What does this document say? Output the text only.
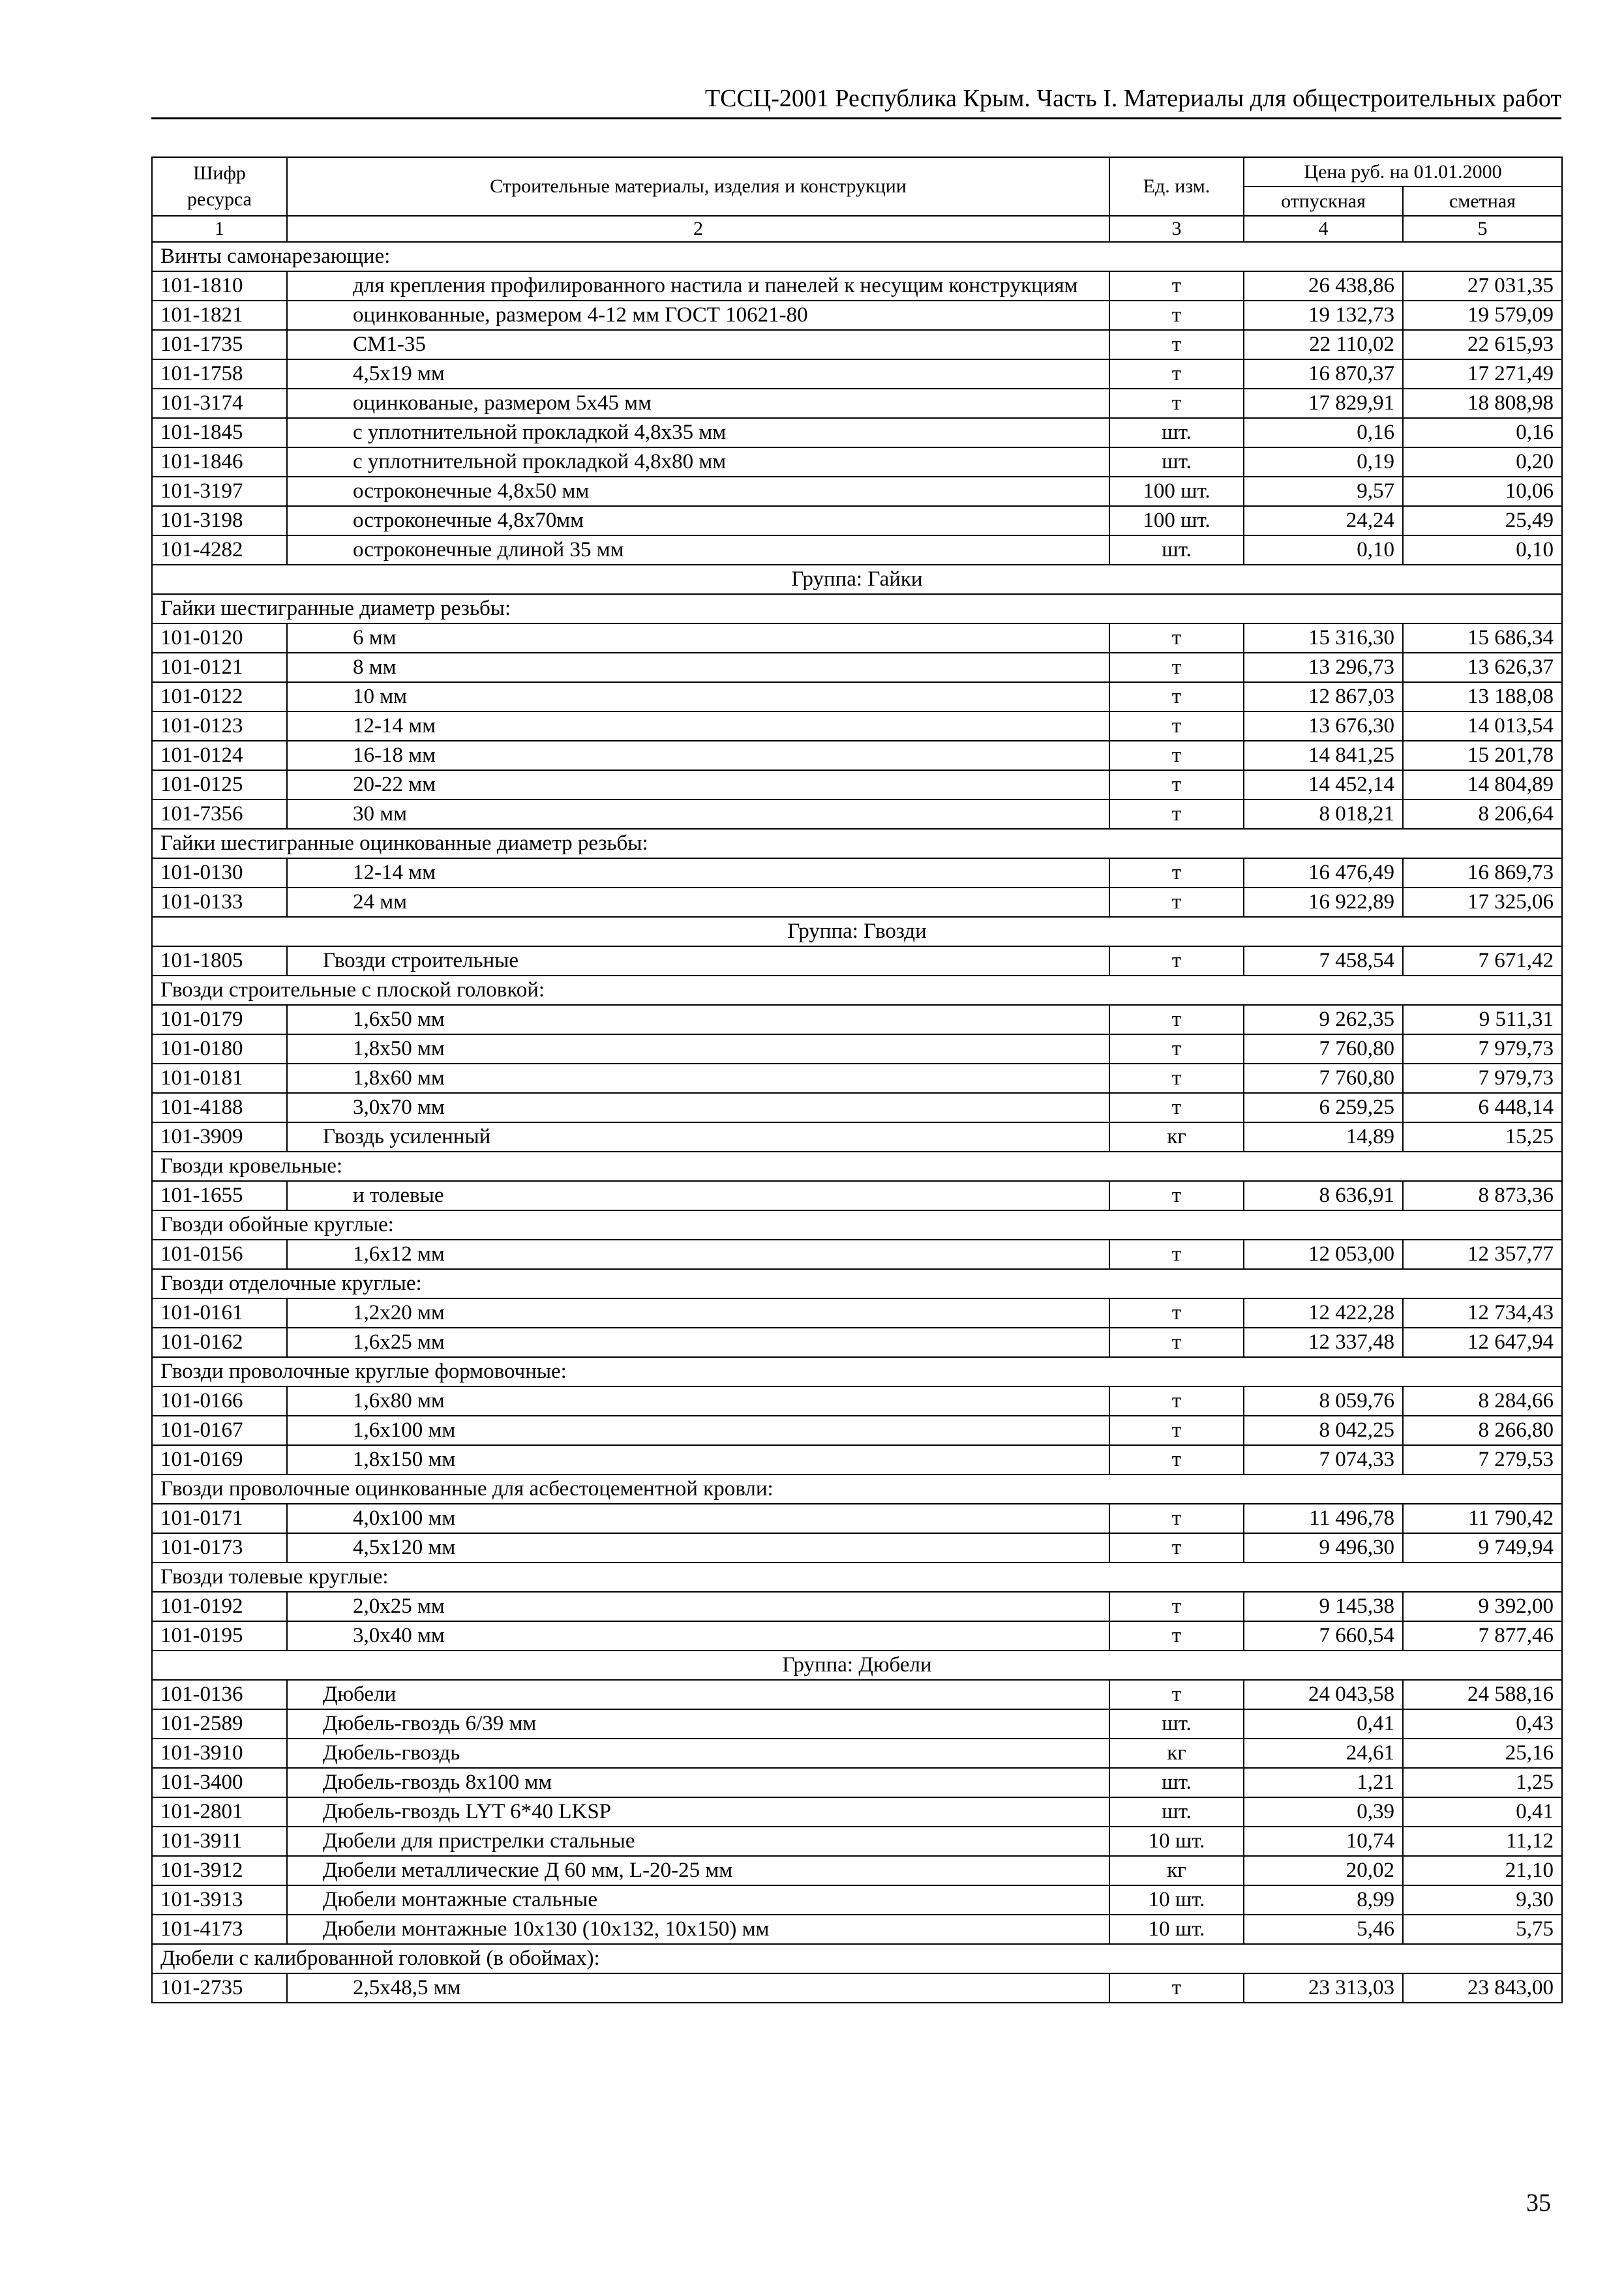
ТССЦ-2001 Республика Крым. Часть I. Материалы для общестроительных работ
Шифр ресурса	Строительные материалы, изделия и конструкции	Ед. изм.	Цена руб. на 01.01.2000	
			отпускная	сметная
1	2	3	4	5
Винты самонарезающие:				
101-1810	для крепления профилированного настила и панелей к несущим конструкциям	т	26 438,86	27 031,35
101-1821	оцинкованные, размером 4-12 мм ГОСТ 10621-80	т	19 132,73	19 579,09
101-1735	СМ1-35	т	22 110,02	22 615,93
101-1758	4,5х19 мм	т	16 870,37	17 271,49
101-3174	оцинкованые, размером 5х45 мм	т	17 829,91	18 808,98
101-1845	с уплотнительной прокладкой 4,8х35 мм	шт.	0,16	0,16
101-1846	с уплотнительной прокладкой 4,8х80 мм	шт.	0,19	0,20
101-3197	остроконечные 4,8х50 мм	100 шт.	9,57	10,06
101-3198	остроконечные 4,8х70мм	100 шт.	24,24	25,49
101-4282	остроконечные длиной 35 мм	шт.	0,10	0,10
Группа: Гайки				
Гайки шестигранные диаметр резьбы:				
101-0120	6 мм	т	15 316,30	15 686,34
101-0121	8 мм	т	13 296,73	13 626,37
101-0122	10 мм	т	12 867,03	13 188,08
101-0123	12-14 мм	т	13 676,30	14 013,54
101-0124	16-18 мм	т	14 841,25	15 201,78
101-0125	20-22 мм	т	14 452,14	14 804,89
101-7356	30 мм	т	8 018,21	8 206,64
Гайки шестигранные оцинкованные диаметр резьбы:				
101-0130	12-14 мм	т	16 476,49	16 869,73
101-0133	24 мм	т	16 922,89	17 325,06
Группа: Гвозди				
101-1805	Гвозди строительные	т	7 458,54	7 671,42
Гвозди строительные с плоской головкой:				
101-0179	1,6х50 мм	т	9 262,35	9 511,31
101-0180	1,8х50 мм	т	7 760,80	7 979,73
101-0181	1,8х60 мм	т	7 760,80	7 979,73
101-4188	3,0х70 мм	т	6 259,25	6 448,14
101-3909	Гвоздь усиленный	кг	14,89	15,25
Гвозди кровельные:				
101-1655	и толевые	т	8 636,91	8 873,36
Гвозди обойные круглые:				
101-0156	1,6х12 мм	т	12 053,00	12 357,77
Гвозди отделочные круглые:				
101-0161	1,2х20 мм	т	12 422,28	12 734,43
101-0162	1,6х25 мм	т	12 337,48	12 647,94
Гвозди проволочные круглые формовочные:				
101-0166	1,6х80 мм	т	8 059,76	8 284,66
101-0167	1,6х100 мм	т	8 042,25	8 266,80
101-0169	1,8х150 мм	т	7 074,33	7 279,53
Гвозди проволочные оцинкованные для асбестоцементной кровли:				
101-0171	4,0х100 мм	т	11 496,78	11 790,42
101-0173	4,5х120 мм	т	9 496,30	9 749,94
Гвозди толевые круглые:				
101-0192	2,0х25 мм	т	9 145,38	9 392,00
101-0195	3,0х40 мм	т	7 660,54	7 877,46
Группа: Дюбели				
101-0136	Дюбели	т	24 043,58	24 588,16
101-2589	Дюбель-гвоздь 6/39 мм	шт.	0,41	0,43
101-3910	Дюбель-гвоздь	кг	24,61	25,16
101-3400	Дюбель-гвоздь 8х100 мм	шт.	1,21	1,25
101-2801	Дюбель-гвоздь LYT 6*40 LKSP	шт.	0,39	0,41
101-3911	Дюбели для пристрелки стальные	10 шт.	10,74	11,12
101-3912	Дюбели металлические Д 60 мм, L-20-25 мм	кг	20,02	21,10
101-3913	Дюбели монтажные стальные	10 шт.	8,99	9,30
101-4173	Дюбели монтажные 10х130 (10х132, 10х150) мм	10 шт.	5,46	5,75
Дюбели с калиброванной головкой (в обоймах):				
101-2735	2,5х48,5 мм	т	23 313,03	23 843,00
35
